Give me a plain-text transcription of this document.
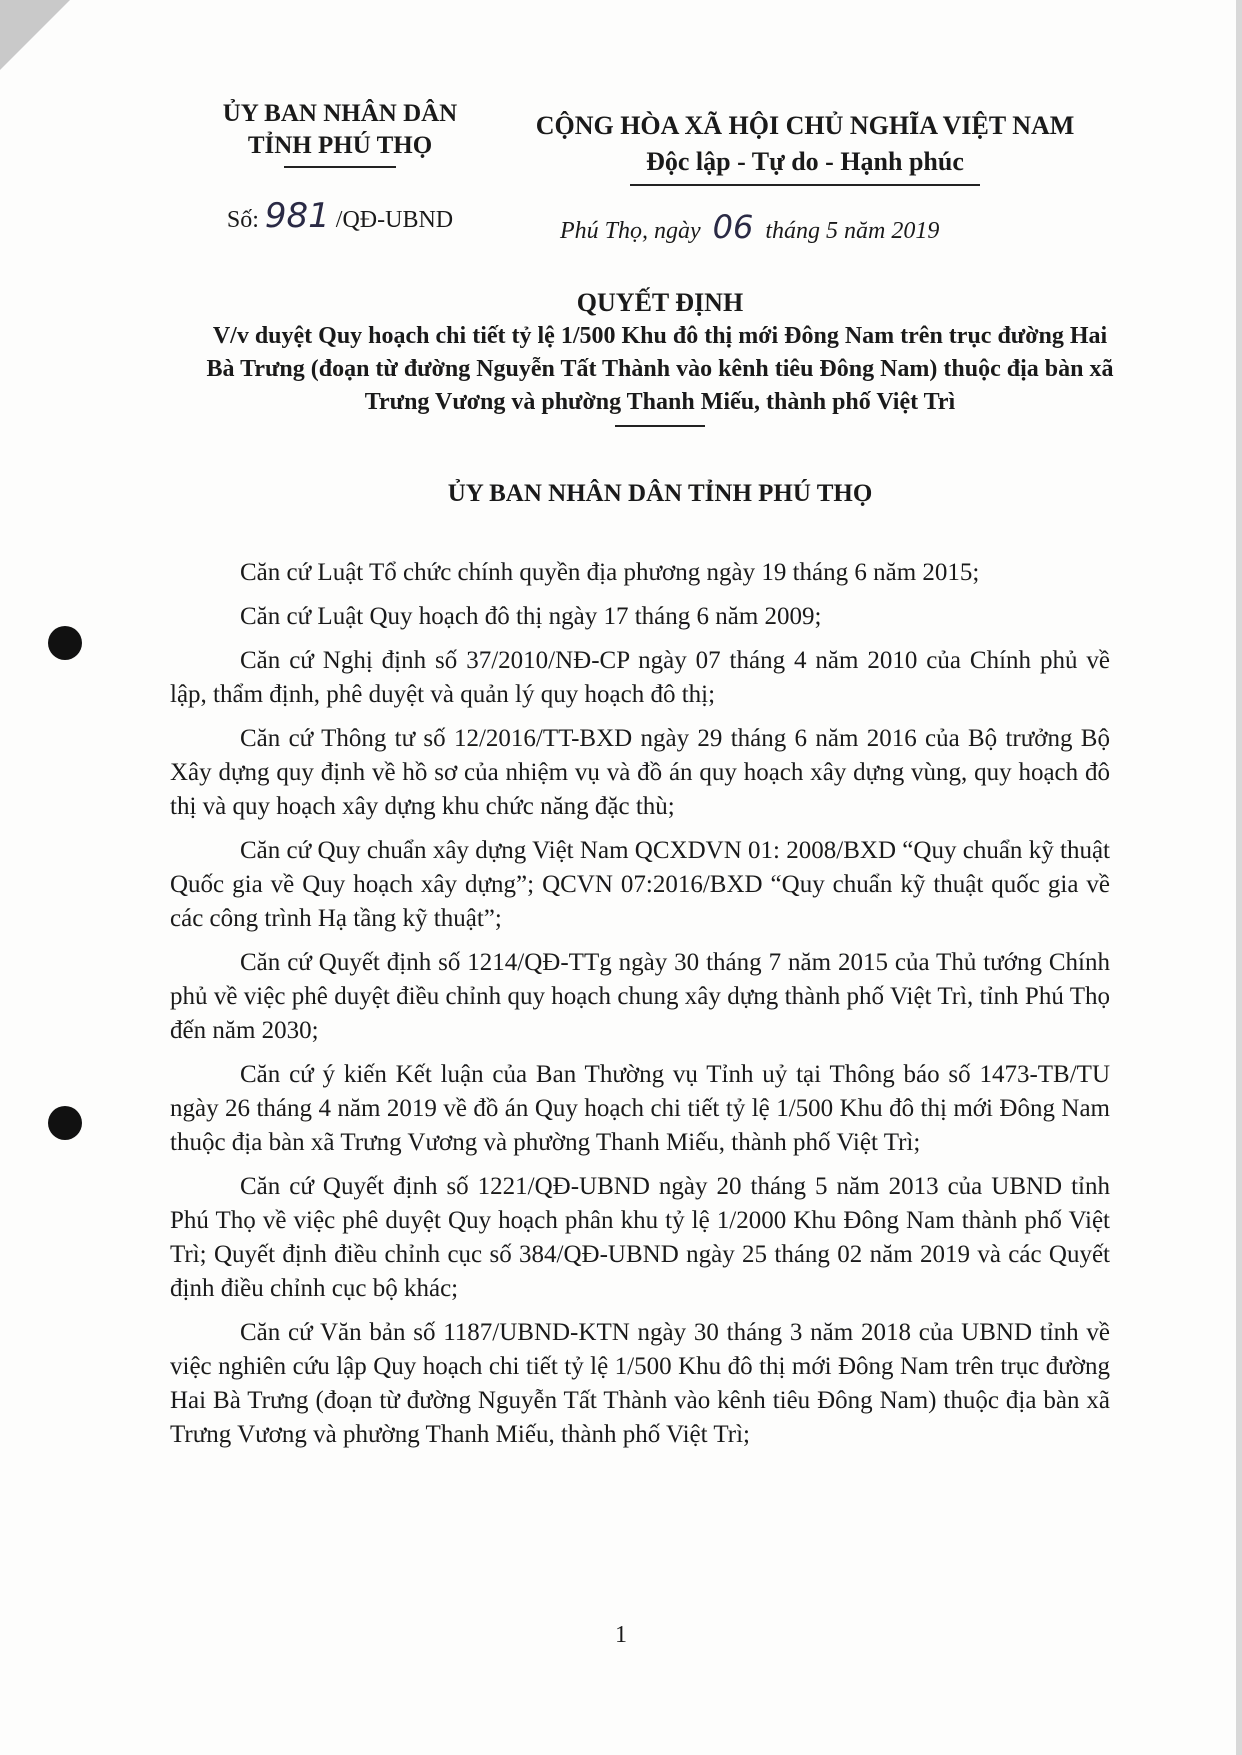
ỦY BAN NHÂN DÂN
TỈNH PHÚ THỌ
CỘNG HÒA XÃ HỘI CHỦ NGHĨA VIỆT NAM
Độc lập - Tự do - Hạnh phúc
Số: 981 /QĐ-UBND	Phú Thọ, ngày 06 tháng 5 năm 2019
QUYẾT ĐỊNH
V/v duyệt Quy hoạch chi tiết tỷ lệ 1/500 Khu đô thị mới Đông Nam trên trục đường Hai Bà Trưng (đoạn từ đường Nguyễn Tất Thành vào kênh tiêu Đông Nam) thuộc địa bàn xã Trưng Vương và phường Thanh Miếu, thành phố Việt Trì
ỦY BAN NHÂN DÂN TỈNH PHÚ THỌ

Căn cứ Luật Tổ chức chính quyền địa phương ngày 19 tháng 6 năm 2015;

Căn cứ Luật Quy hoạch đô thị ngày 17 tháng 6 năm 2009;

Căn cứ Nghị định số 37/2010/NĐ-CP ngày 07 tháng 4 năm 2010 của Chính phủ về lập, thẩm định, phê duyệt và quản lý quy hoạch đô thị;

Căn cứ Thông tư số 12/2016/TT-BXD ngày 29 tháng 6 năm 2016 của Bộ trưởng Bộ Xây dựng quy định về hồ sơ của nhiệm vụ và đồ án quy hoạch xây dựng vùng, quy hoạch đô thị và quy hoạch xây dựng khu chức năng đặc thù;

Căn cứ Quy chuẩn xây dựng Việt Nam QCXDVN 01: 2008/BXD “Quy chuẩn kỹ thuật Quốc gia về Quy hoạch xây dựng”; QCVN 07:2016/BXD “Quy chuẩn kỹ thuật quốc gia về các công trình Hạ tầng kỹ thuật”;

Căn cứ Quyết định số 1214/QĐ-TTg ngày 30 tháng 7 năm 2015 của Thủ tướng Chính phủ về việc phê duyệt điều chỉnh quy hoạch chung xây dựng thành phố Việt Trì, tỉnh Phú Thọ đến năm 2030;

Căn cứ ý kiến Kết luận của Ban Thường vụ Tỉnh uỷ tại Thông báo số 1473-TB/TU ngày 26 tháng 4 năm 2019 về đồ án Quy hoạch chi tiết tỷ lệ 1/500 Khu đô thị mới Đông Nam thuộc địa bàn xã Trưng Vương và phường Thanh Miếu, thành phố Việt Trì;

Căn cứ Quyết định số 1221/QĐ-UBND ngày 20 tháng 5 năm 2013 của UBND tỉnh Phú Thọ về việc phê duyệt Quy hoạch phân khu tỷ lệ 1/2000 Khu Đông Nam thành phố Việt Trì; Quyết định điều chỉnh cục số 384/QĐ-UBND ngày 25 tháng 02 năm 2019 và các Quyết định điều chỉnh cục bộ khác;

Căn cứ Văn bản số 1187/UBND-KTN ngày 30 tháng 3 năm 2018 của UBND tỉnh về việc nghiên cứu lập Quy hoạch chi tiết tỷ lệ 1/500 Khu đô thị mới Đông Nam trên trục đường Hai Bà Trưng (đoạn từ đường Nguyễn Tất Thành vào kênh tiêu Đông Nam) thuộc địa bàn xã Trưng Vương và phường Thanh Miếu, thành phố Việt Trì;

1
